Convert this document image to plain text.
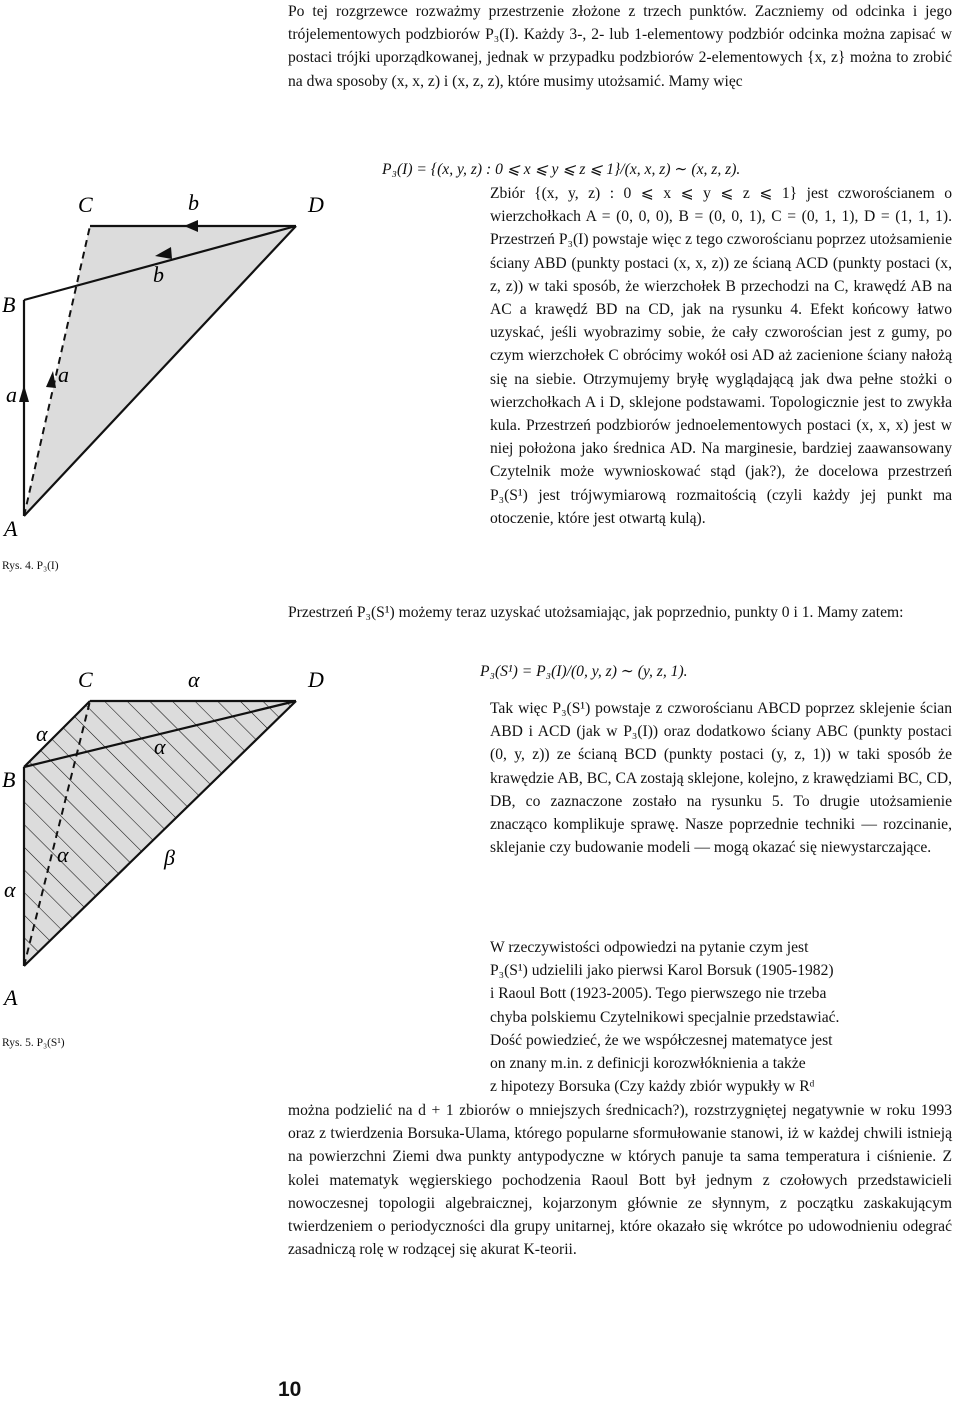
Po tej rozgrzewce rozważmy przestrzenie złożone z trzech punktów. Zaczniemy od odcinka i jego trójelementowych podzbiorów P₃(I). Każdy 3-, 2- lub 1-elementowy podzbiór odcinka można zapisać w postaci trójki uporządkowanej, jednak w przypadku podzbiorów 2-elementowych {x, z} można to zrobić na dwa sposoby (x, x, z) i (x, z, z), które musimy utożsamić. Mamy więc

P₃(I) = {(x, y, z) : 0 ⩽ x ⩽ y ⩽ z ⩽ 1}/(x, x, z) ∼ (x, z, z).

Zbiór {(x, y, z) : 0 ⩽ x ⩽ y ⩽ z ⩽ 1} jest czworościanem o wierzchołkach A = (0, 0, 0), B = (0, 0, 1), C = (0, 1, 1), D = (1, 1, 1). Przestrzeń P₃(I) powstaje więc z tego czworościanu poprzez utożsamienie ściany ABD (punkty postaci (x, x, z)) ze ścianą ACD (punkty postaci (x, z, z)) w taki sposób, że wierzchołek B przechodzi na C, krawędź AB na AC a krawędź BD na CD, jak na rysunku 4. Efekt końcowy łatwo uzyskać, jeśli wyobrazimy sobie, że cały czworościan jest z gumy, po czym wierzchołek C obrócimy wokół osi AD aż zacienione ściany nałożą się na siebie. Otrzymujemy bryłę wyglądającą jak dwa pełne stożki o wierzchołkach A i D, sklejone podstawami. Topologicznie jest to zwykła kula. Przestrzeń podzbiorów jednoelementowych postaci (x, x, x) jest w niej położona jako średnica AD. Na marginesie, bardziej zaawansowany Czytelnik może wywnioskować stąd (jak?), że docelowa przestrzeń P₃(S¹) jest trójwymiarową rozmaitością (czyli każdy jej punkt ma otoczenie, które jest otwartą kulą).

Przestrzeń P₃(S¹) możemy teraz uzyskać utożsamiając, jak poprzednio, punkty 0 i 1. Mamy zatem:

P₃(S¹) = P₃(I)/(0, y, z) ∼ (y, z, 1).

Tak więc P₃(S¹) powstaje z czworościanu ABCD poprzez sklejenie ścian ABD i ACD (jak w P₃(I)) oraz dodatkowo ściany ABC (punkty postaci (0, y, z)) ze ścianą BCD (punkty postaci (y, z, 1)) w taki sposób że krawędzie AB, BC, CA zostają sklejone, kolejno, z krawędziami BC, CD, DB, co zaznaczone zostało na rysunku 5. To drugie utożsamienie znacząco komplikuje sprawę. Nasze poprzednie techniki — rozcinanie, sklejanie czy budowanie modeli — mogą okazać się niewystarczające.

W rzeczywistości odpowiedzi na pytanie czym jest
P₃(S¹) udzielili jako pierwsi Karol Borsuk (1905-1982)
i Raoul Bott (1923-2005). Tego pierwszego nie trzeba
chyba polskiemu Czytelnikowi specjalnie przedstawiać.
Dość powiedzieć, że we współczesnej matematyce jest
on znany m.in. z definicji korozwłóknienia a także
z hipotezy Borsuka (Czy każdy zbiór wypukły w Rᵈ

można podzielić na d + 1 zbiorów o mniejszych średnicach?), rozstrzygniętej negatywnie w roku 1993 oraz z twierdzenia Borsuka-Ulama, którego popularne sformułowanie stanowi, iż w każdej chwili istnieją na powierzchni Ziemi dwa punkty antypodyczne w których panuje ta sama temperatura i ciśnienie. Z kolei matematyk węgierskiego pochodzenia Raoul Bott był jednym z czołowych przedstawicieli nowoczesnej topologii algebraicznej, kojarzonym głównie ze słynnym, z początku zaskakującym twierdzeniem o periodyczności dla grupy unitarnej, które okazało się wkrótce po udowodnieniu odegrać zasadniczą rolę w rodzącej się akurat K-teorii.

A
B
C	D
a
a
b
b
Rys. 4. P₃(I)
A
B
C	D
α
α
α
α
α	β
Rys. 5. P₃(S¹)
10
